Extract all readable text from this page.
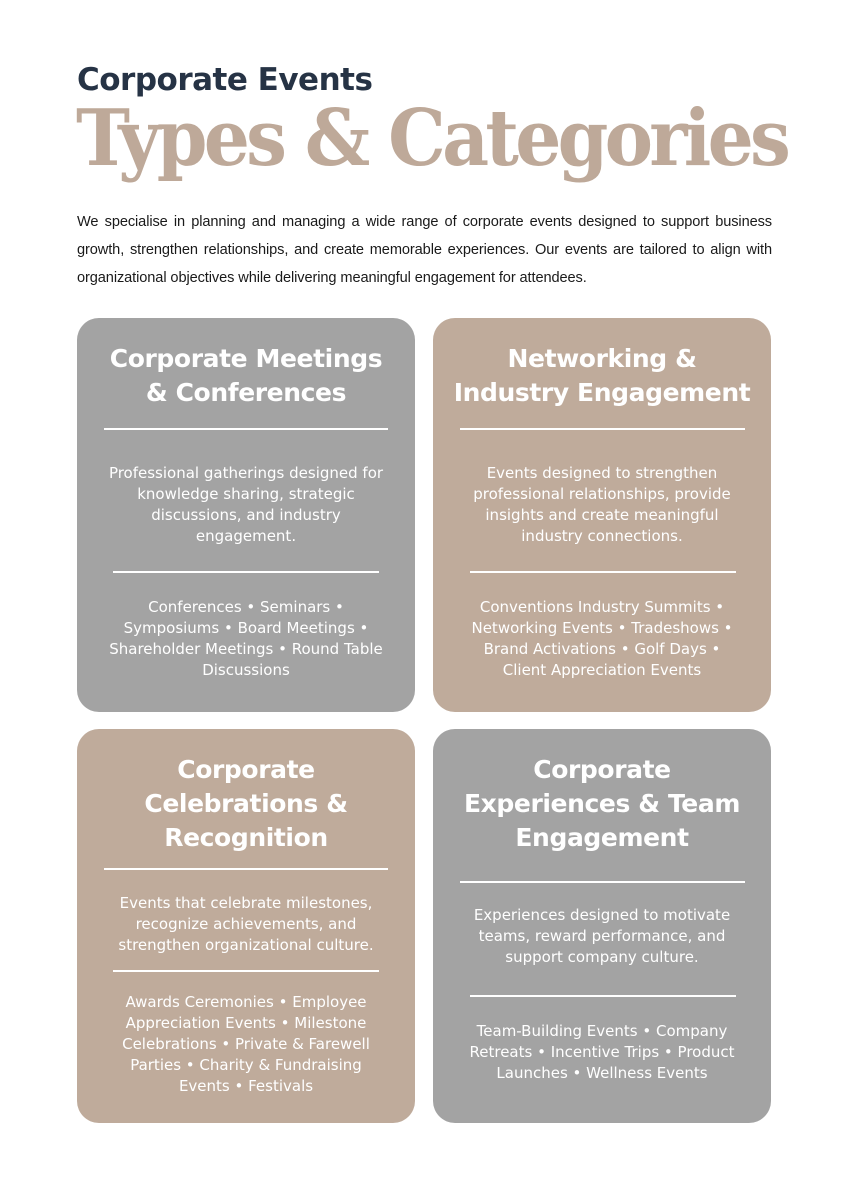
Corporate Events
Types & Categories

We specialise in planning and managing a wide range of corporate events designed to support business growth, strengthen relationships, and create memorable experiences. Our events are tailored to align with organizational objectives while delivering meaningful engagement for attendees.

Corporate Meetings & Conferences

Professional gatherings designed for knowledge sharing, strategic discussions, and industry engagement.

Conferences • Seminars • Symposiums • Board Meetings • Shareholder Meetings • Round Table Discussions

Networking & Industry Engagement

Events designed to strengthen professional relationships, provide insights and create meaningful industry connections.

Conventions Industry Summits • Networking Events • Tradeshows • Brand Activations • Golf Days • Client Appreciation Events

Corporate Celebrations & Recognition

Events that celebrate milestones, recognize achievements, and strengthen organizational culture.

Awards Ceremonies • Employee Appreciation Events • Milestone Celebrations • Private & Farewell Parties • Charity & Fundraising Events • Festivals

Corporate Experiences & Team Engagement

Experiences designed to motivate teams, reward performance, and support company culture.

Team-Building Events • Company Retreats • Incentive Trips • Product Launches • Wellness Events
